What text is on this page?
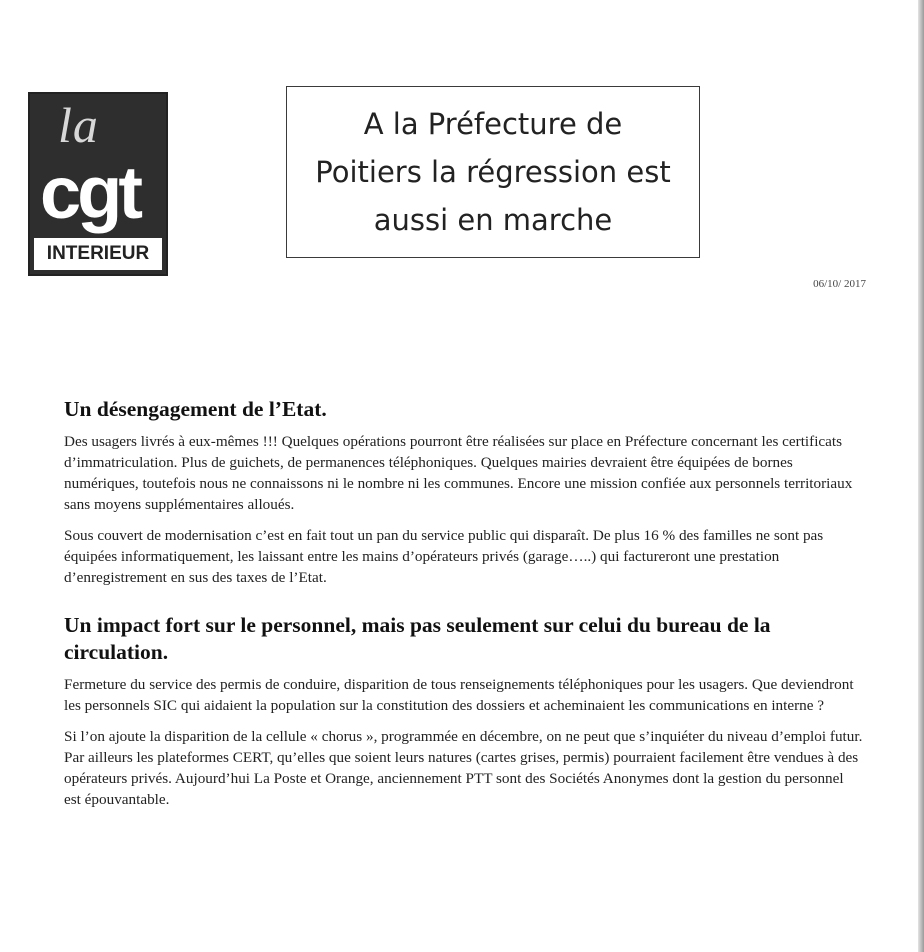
la
cgt
INTERIEUR
A la Préfecture de
Poitiers la régression est
aussi en marche
06/10/ 2017
Un désengagement de l’Etat.

Des usagers livrés à eux-mêmes !!! Quelques opérations pourront être réalisées sur place en Préfecture concernant les certificats d’immatriculation. Plus de guichets, de permanences téléphoniques. Quelques mairies devraient être équipées de bornes numériques, toutefois nous ne connaissons ni le nombre ni les communes. Encore une mission confiée aux personnels territoriaux sans moyens supplémentaires alloués.

Sous couvert de modernisation c’est en fait tout un pan du service public qui disparaît. De plus 16 % des familles ne sont pas équipées informatiquement, les laissant entre les mains d’opérateurs privés (garage…..) qui factureront une prestation d’enregistrement en sus des taxes de l’Etat.

Un impact fort sur le personnel, mais pas seulement sur celui du bureau de la circulation.

Fermeture du service des permis de conduire, disparition de tous renseignements téléphoniques pour les usagers. Que deviendront les personnels SIC qui aidaient la population sur la constitution des dossiers et acheminaient les communications en interne ?

Si l’on ajoute la disparition de la cellule « chorus », programmée en décembre, on ne peut que s’inquiéter du niveau d’emploi futur. Par ailleurs les plateformes CERT, qu’elles que soient leurs natures (cartes grises, permis) pourraient facilement être vendues à des opérateurs privés. Aujourd’hui La Poste et Orange, anciennement PTT sont des Sociétés Anonymes dont la gestion du personnel est épouvantable.
